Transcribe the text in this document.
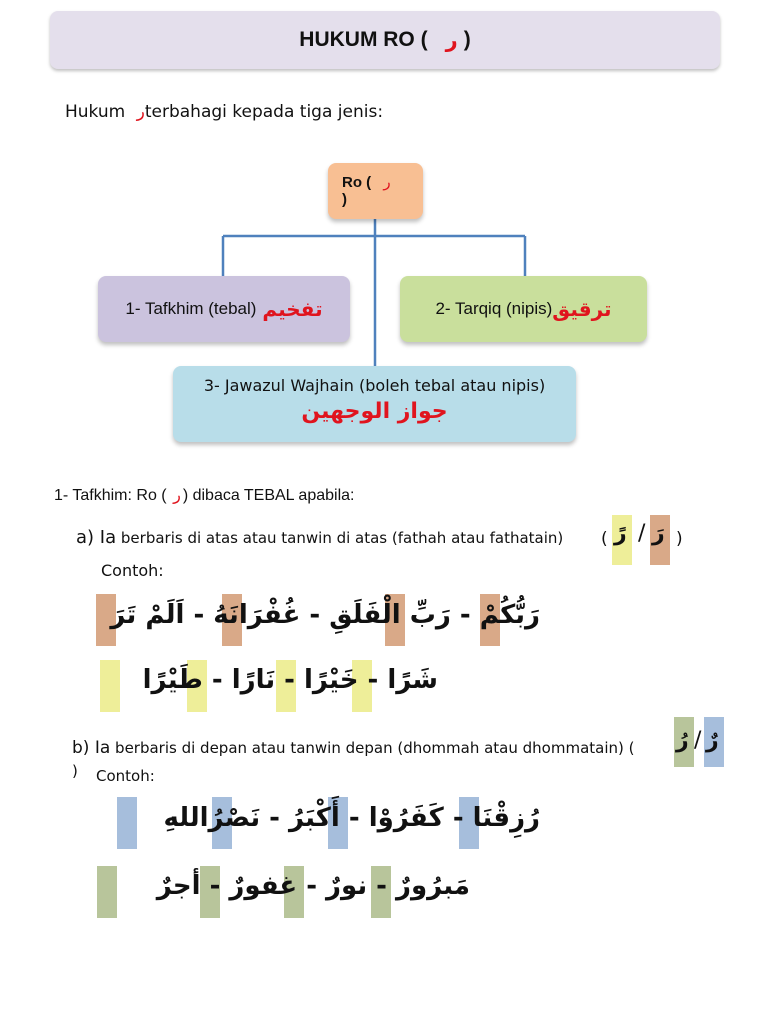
HUKUM RO ( ر )
Hukum رterbahagi kepada tiga jenis:
Ro ( ر
)
1- Tafkhim (tebal) تفخيم	2- Tarqiq (nipis) ترقيق
3- Jawazul Wajhain (boleh tebal atau nipis)
جواز الوجهين
1- Tafkhim: Ro ( ر ) dibaca TEBAL apabila:
a) Ia berbaris di atas atau tanwin di atas (fathah atau fathatain) ( رً / رَ )
Contoh:
رَبُّكُمْ - رَبِّ الْفَلَقِ - غُفْرَانَهُ - اَلَمْ تَرَ
شَرًا - خَيْرًا - نَارًا - طَيْرًا
b) Ia berbaris di depan atau tanwin depan (dhommah atau dhommatain) ( رُ / رٌ
) Contoh:
رُزِقْنَا - كَفَرُوْا - أَكْبَرُ - نَصْرُاللهِ
مَبرُورٌ - نورٌ - غفورٌ - أجرٌ
